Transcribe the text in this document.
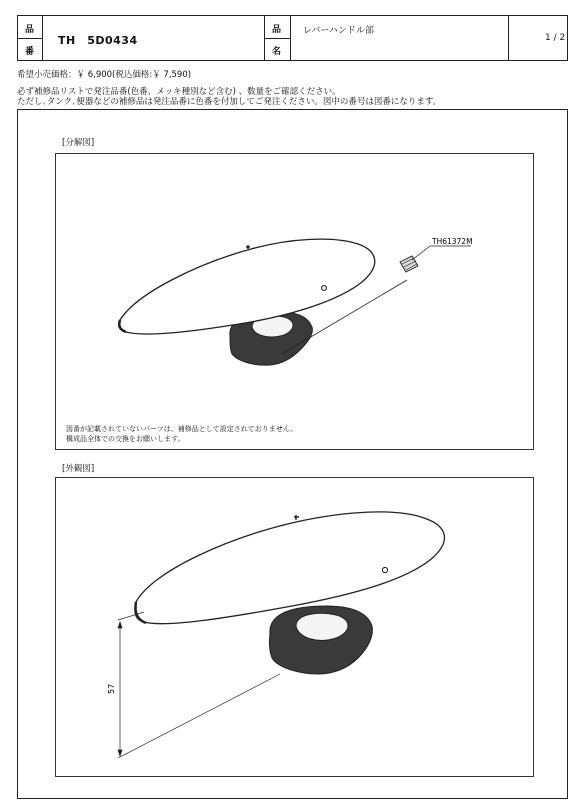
品
番
TH　5D0434
品
名
レバーハンドル部
1 / 2
希望小売価格：￥ 6,900(税込価格:￥ 7,590)
必ず補修品リストで発注品番(色番、メッキ種別など含む) 、数量をご確認ください。
ただし､タンク､便器などの補修品は発注品番に色番を付加してご発注ください。図中の番号は図番になります。
[分解図]
TH61372M
図番が記載されていないパーツは、補修品として設定されておりません。
構成品全体での交換をお願いします。
[外観図]
57
